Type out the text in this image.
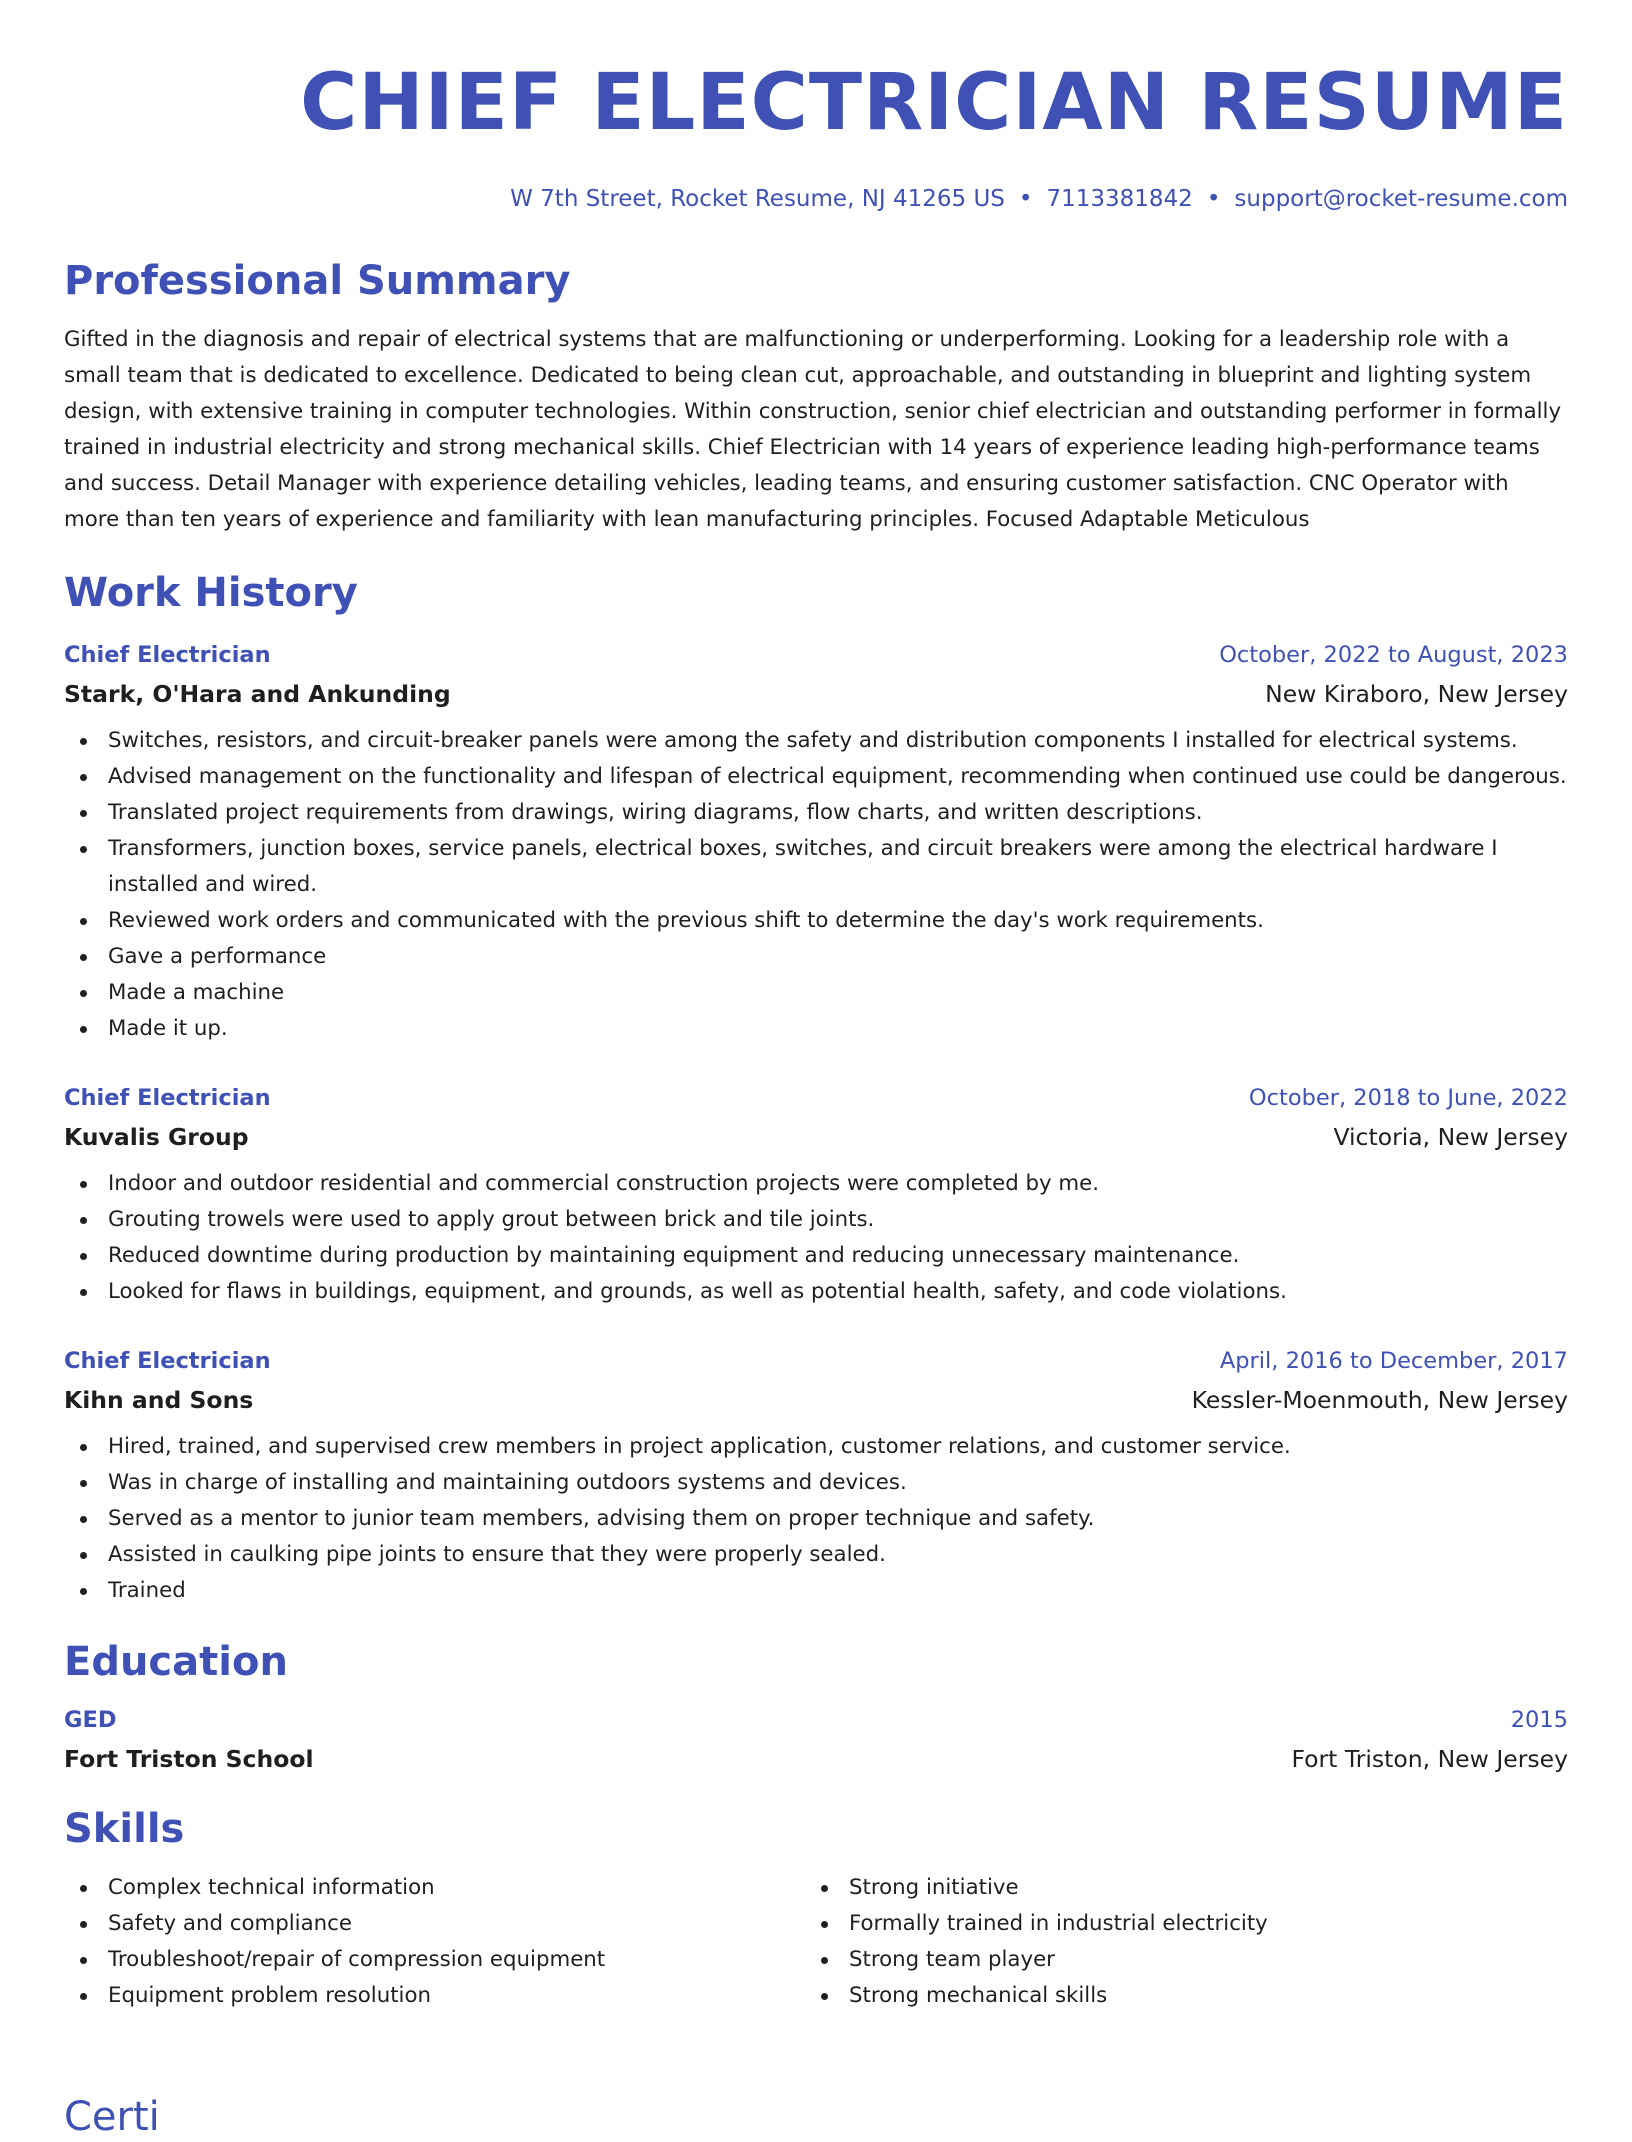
CHIEF ELECTRICIAN RESUME
W 7th Street, Rocket Resume, NJ 41265 US • 7113381842 • support@rocket-resume.com
Professional Summary

Gifted in the diagnosis and repair of electrical systems that are malfunctioning or underperforming. Looking for a leadership role with a small team that is dedicated to excellence. Dedicated to being clean cut, approachable, and outstanding in blueprint and lighting system design, with extensive training in computer technologies. Within construction, senior chief electrician and outstanding performer in formally trained in industrial electricity and strong mechanical skills. Chief Electrician with 14 years of experience leading high-performance teams and success. Detail Manager with experience detailing vehicles, leading teams, and ensuring customer satisfaction. CNC Operator with more than ten years of experience and familiarity with lean manufacturing principles. Focused Adaptable Meticulous

Work History
Chief Electrician	October, 2022 to August, 2023
Stark, O'Hara and Ankunding	New Kiraboro, New Jersey
Switches, resistors, and circuit-breaker panels were among the safety and distribution components I installed for electrical systems.
Advised management on the functionality and lifespan of electrical equipment, recommending when continued use could be dangerous.
Translated project requirements from drawings, wiring diagrams, flow charts, and written descriptions.
Transformers, junction boxes, service panels, electrical boxes, switches, and circuit breakers were among the electrical hardware I installed and wired.
Reviewed work orders and communicated with the previous shift to determine the day's work requirements.
Gave a performance
Made a machine
Made it up.
Chief Electrician	October, 2018 to June, 2022
Kuvalis Group	Victoria, New Jersey
Indoor and outdoor residential and commercial construction projects were completed by me.
Grouting trowels were used to apply grout between brick and tile joints.
Reduced downtime during production by maintaining equipment and reducing unnecessary maintenance.
Looked for flaws in buildings, equipment, and grounds, as well as potential health, safety, and code violations.
Chief Electrician	April, 2016 to December, 2017
Kihn and Sons	Kessler-Moenmouth, New Jersey
Hired, trained, and supervised crew members in project application, customer relations, and customer service.
Was in charge of installing and maintaining outdoors systems and devices.
Served as a mentor to junior team members, advising them on proper technique and safety.
Assisted in caulking pipe joints to ensure that they were properly sealed.
Trained
Education
GED	2015
Fort Triston School	Fort Triston, New Jersey
Skills
Complex technical information
Safety and compliance
Troubleshoot/repair of compression equipment
Equipment problem resolution
Strong initiative
Formally trained in industrial electricity
Strong team player
Strong mechanical skills
Certi
